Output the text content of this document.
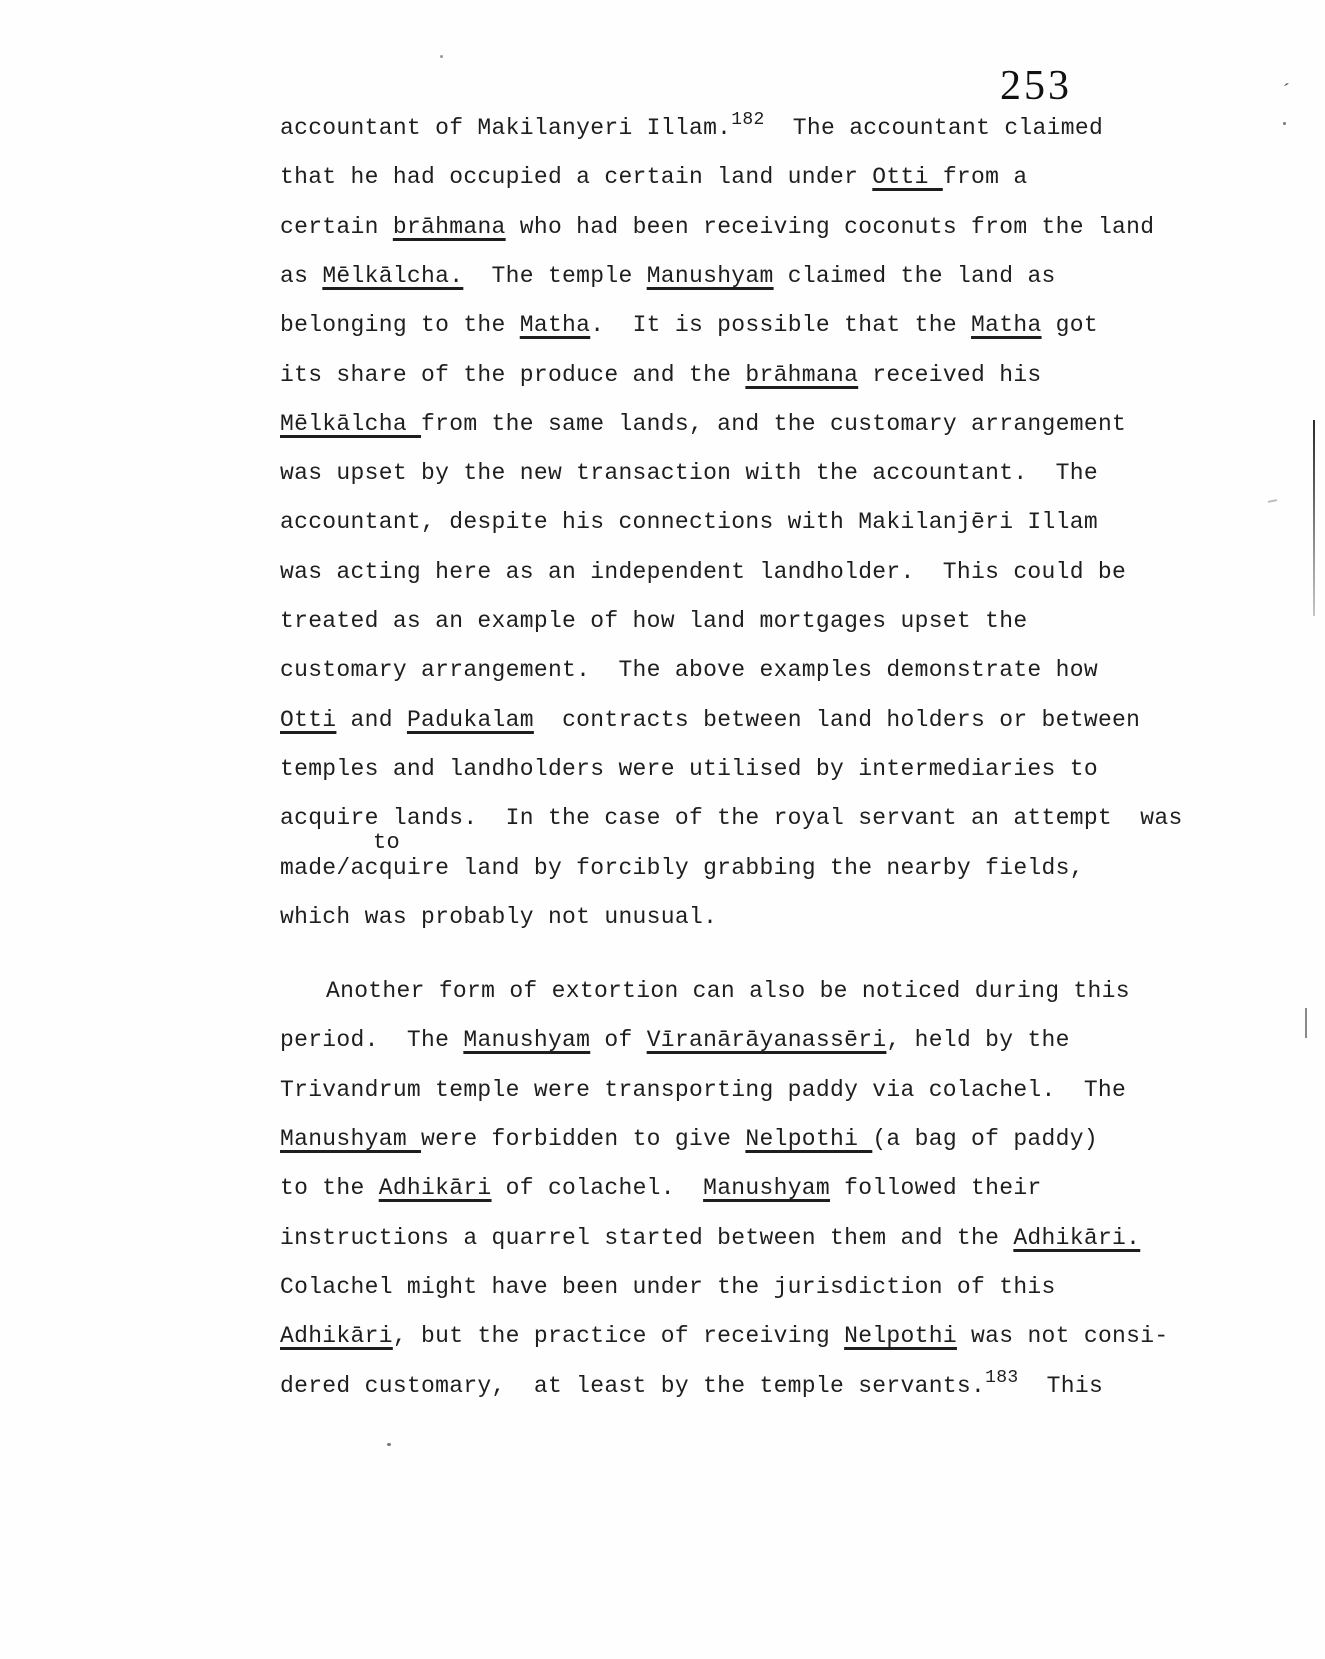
253
accountant of Makilanyeri Illam.$^{182}$  The accountant claimed
that he had occupied a certain land under Otti from a
certain brāhmana who had been receiving coconuts from the land
as Mēlkālcha.  The temple Manushyam claimed the land as
belonging to the Matha.  It is possible that the Matha got
its share of the produce and the brāhmana received his
Mēlkālcha from the same lands, and the customary arrangement
was upset by the new transaction with the accountant.  The
accountant, despite his connections with Makilanjēri Illam
was acting here as an independent landholder.  This could be
treated as an example of how land mortgages upset the
customary arrangement.  The above examples demonstrate how
Otti and Padukalam  contracts between land holders or between
temples and landholders were utilised by intermediaries to
acquire lands.  In the case of the royal servant an attempt  was
to
made/acquire land by forcibly grabbing the nearby fields,
which was probably not unusual.
Another form of extortion can also be noticed during this
period.  The Manushyam of Vīranārāyanassēri, held by the
Trivandrum temple were transporting paddy via colachel.  The
Manushyam were forbidden to give Nelpothi (a bag of paddy)
to the Adhikāri of colachel.  Manushyam followed their
instructions a quarrel started between them and the Adhikāri.
Colachel might have been under the jurisdiction of this
Adhikāri, but the practice of receiving Nelpothi was not consi-
dered customary,  at least by the temple servants.$^{183}$  This
´
